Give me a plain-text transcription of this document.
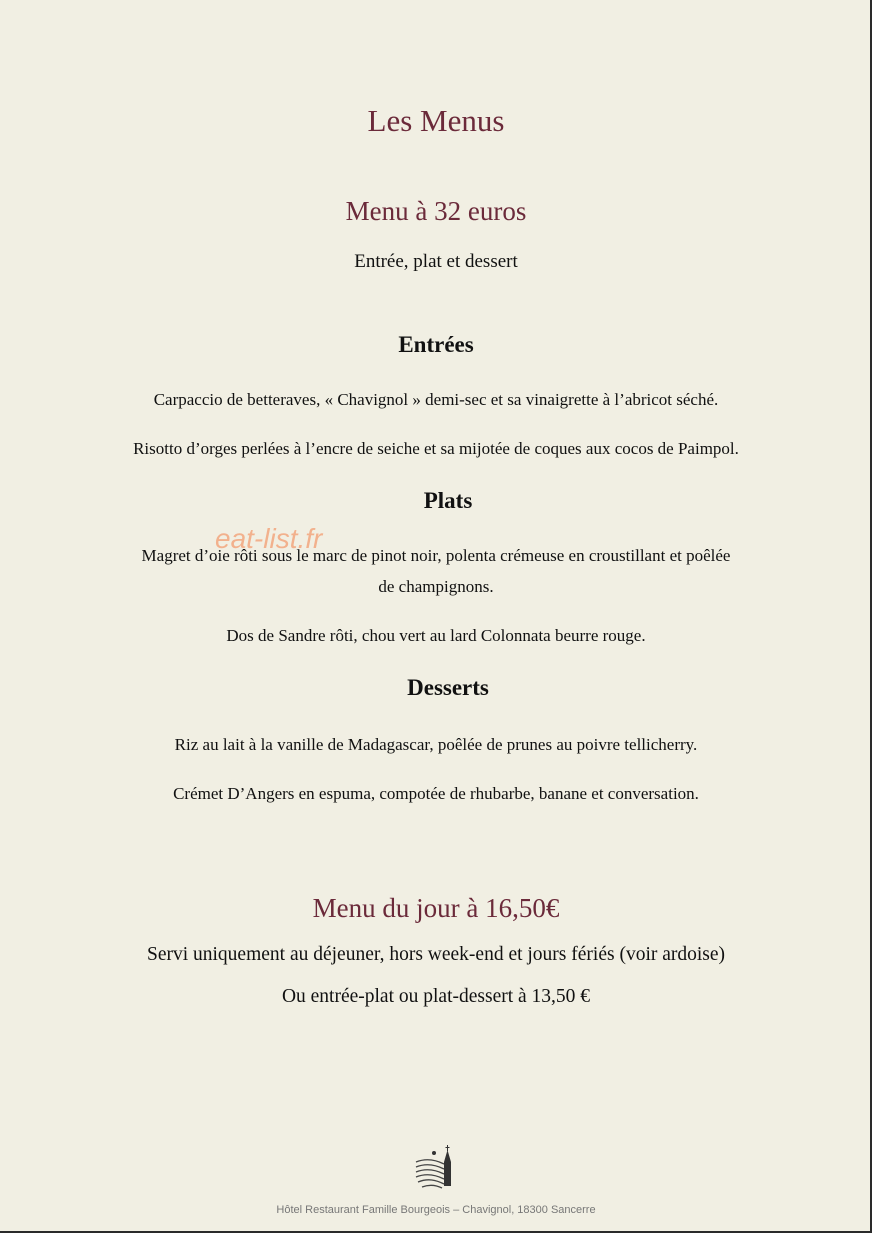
Les Menus
Menu à 32 euros
Entrée, plat et dessert
Entrées
Carpaccio de betteraves, « Chavignol » demi-sec et sa vinaigrette à l’abricot séché.
Risotto d’orges perlées à l’encre de seiche et sa mijotée de coques aux cocos de Paimpol.
Plats
Magret d’oie rôti sous le marc de pinot noir, polenta crémeuse en croustillant et poêlée
de champignons.
Dos de Sandre rôti, chou vert au lard Colonnata beurre rouge.
Desserts
Riz au lait à la vanille de Madagascar, poêlée de prunes au poivre tellicherry.
Crémet D’Angers en espuma, compotée de rhubarbe, banane et conversation.
Menu du jour à 16,50€
Servi uniquement au déjeuner, hors week-end et jours fériés (voir ardoise)
Ou entrée-plat ou plat-dessert à 13,50 €
eat-list.fr
Hôtel Restaurant Famille Bourgeois – Chavignol, 18300 Sancerre
